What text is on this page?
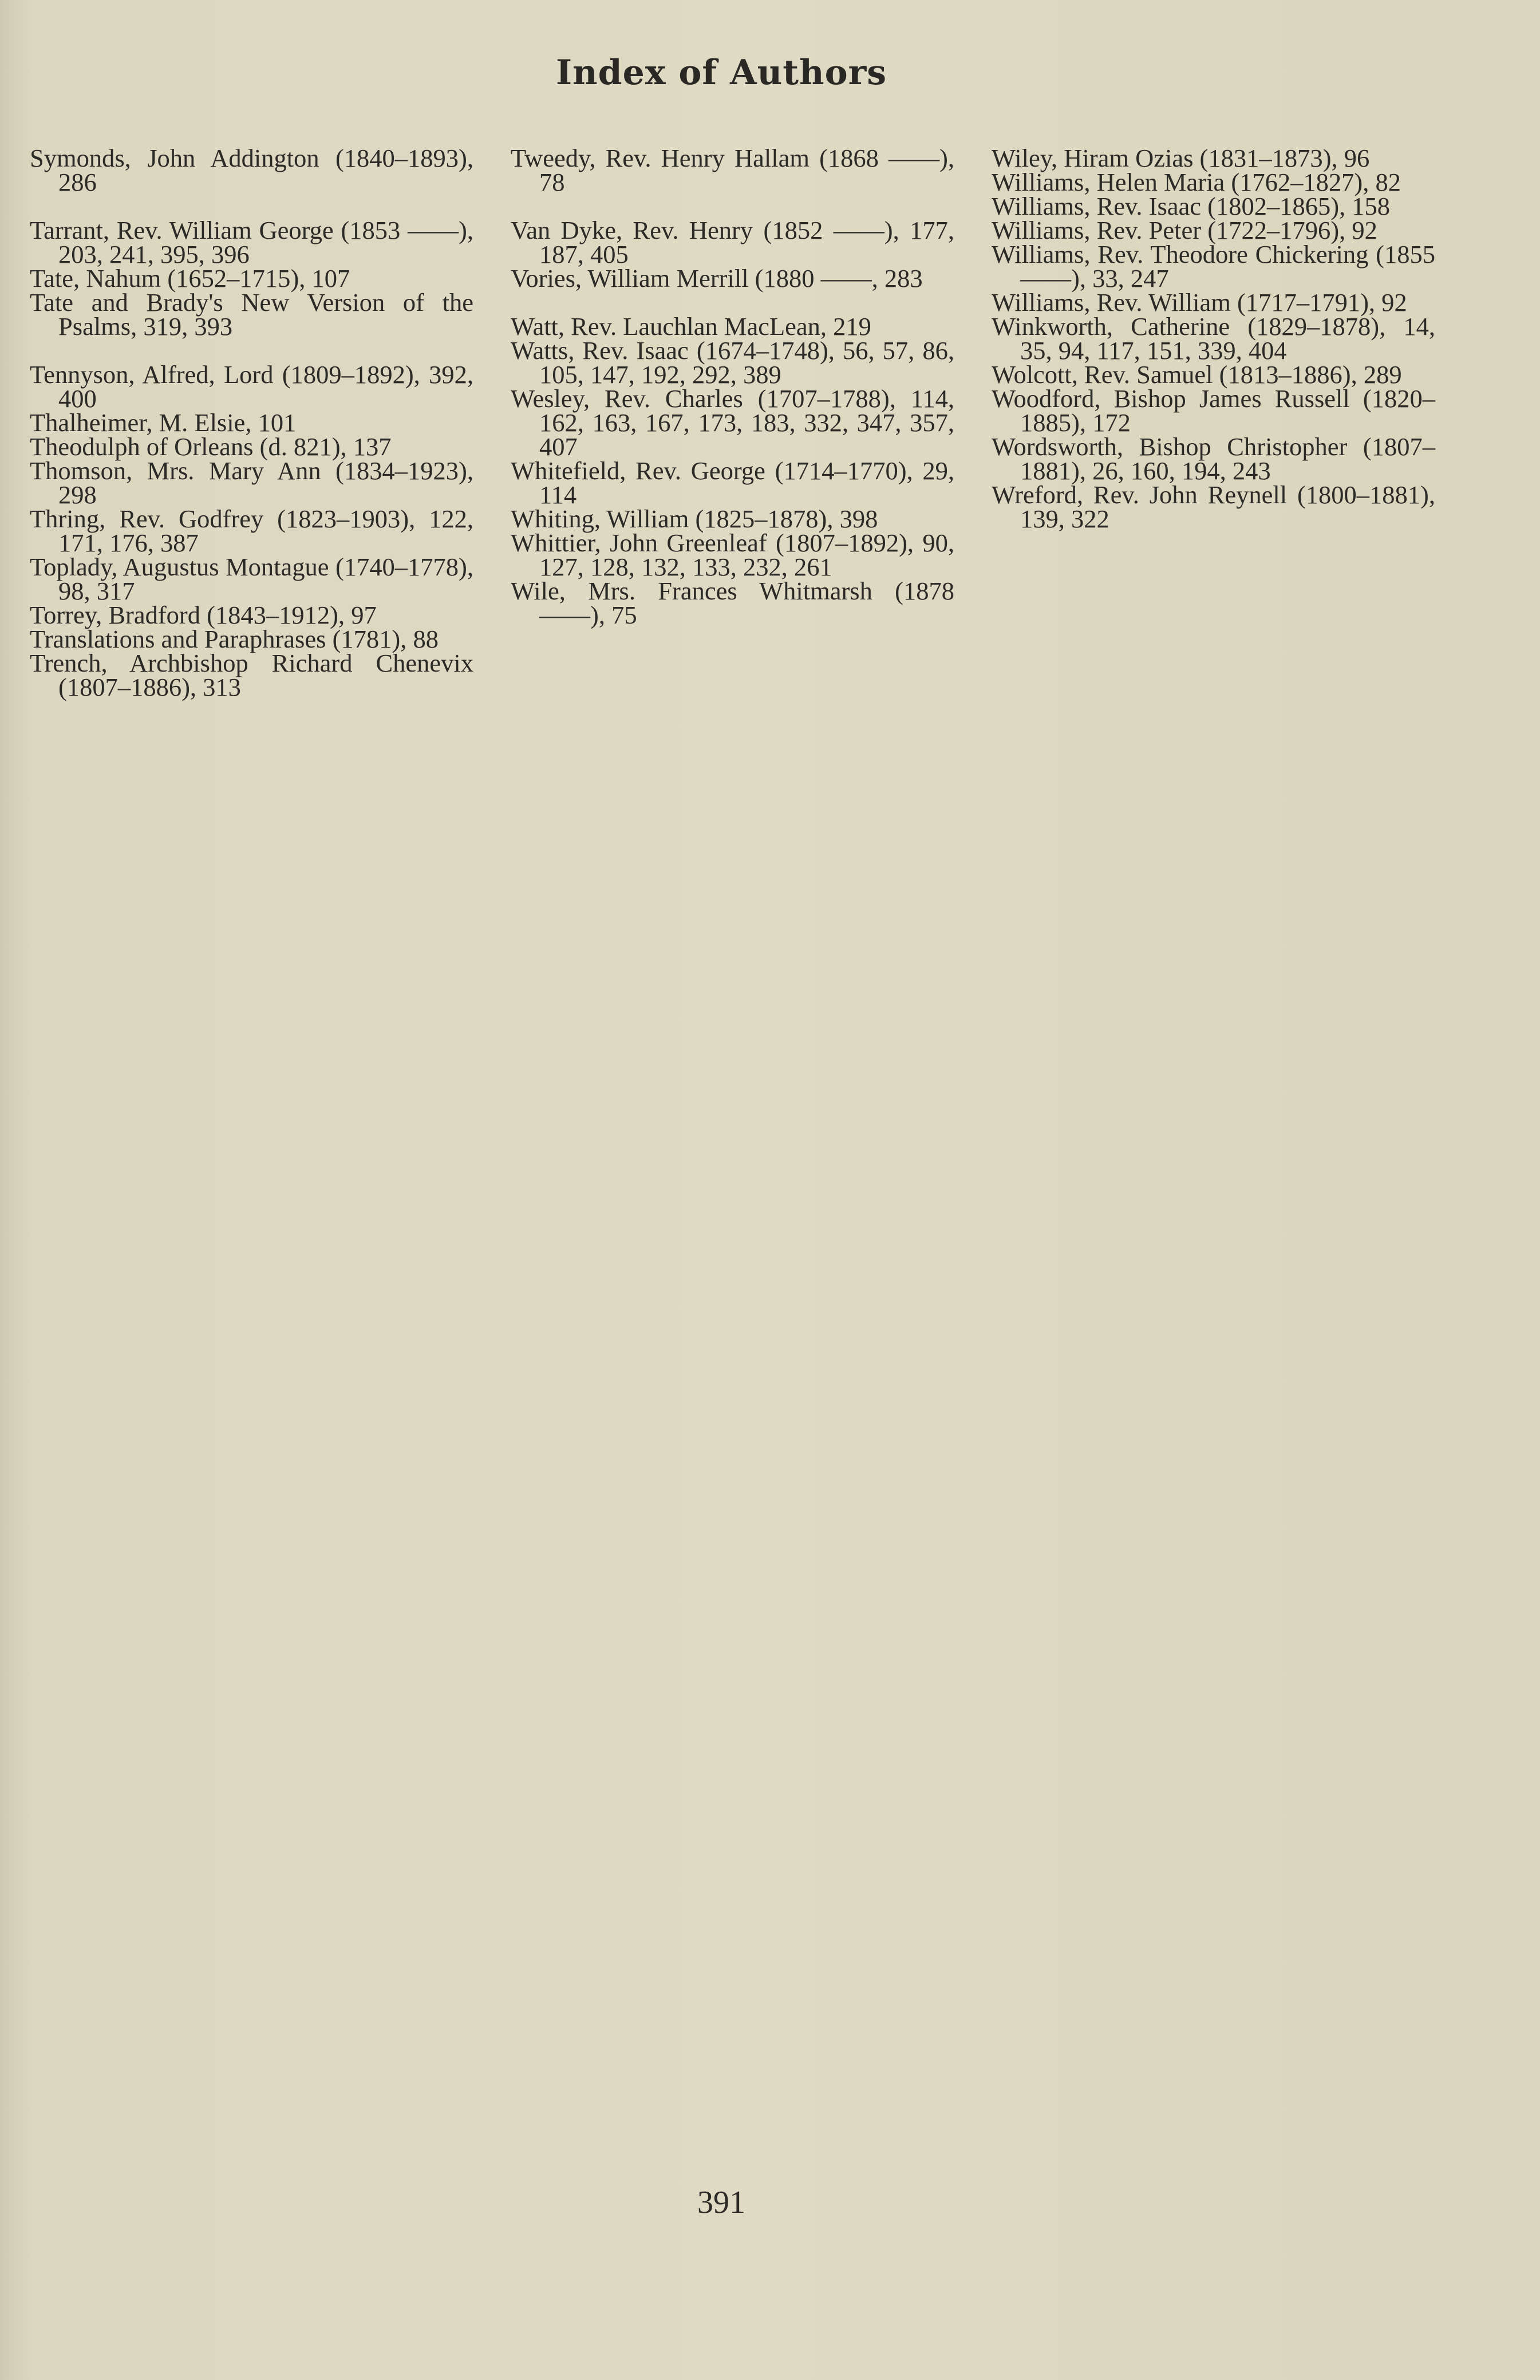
Index of Authors

Symonds, John Addington (1840–1893), 286

Tarrant, Rev. William George (1853 ——), 203, 241, 395, 396

Tate, Nahum (1652–1715), 107

Tate and Brady's New Version of the Psalms, 319, 393

Tennyson, Alfred, Lord (1809–1892), 392, 400

Thalheimer, M. Elsie, 101

Theodulph of Orleans (d. 821), 137

Thomson, Mrs. Mary Ann (1834–1923), 298

Thring, Rev. Godfrey (1823–1903), 122, 171, 176, 387

Toplady, Augustus Montague (1740–1778), 98, 317

Torrey, Bradford (1843–1912), 97

Translations and Paraphrases (1781), 88

Trench, Archbishop Richard Chenevix (1807–1886), 313

Tweedy, Rev. Henry Hallam (1868 ——), 78

Van Dyke, Rev. Henry (1852 ——), 177, 187, 405

Vories, William Merrill (1880 ——, 283

Watt, Rev. Lauchlan MacLean, 219

Watts, Rev. Isaac (1674–1748), 56, 57, 86, 105, 147, 192, 292, 389

Wesley, Rev. Charles (1707–1788), 114, 162, 163, 167, 173, 183, 332, 347, 357, 407

Whitefield, Rev. George (1714–1770), 29, 114

Whiting, William (1825–1878), 398

Whittier, John Greenleaf (1807–1892), 90, 127, 128, 132, 133, 232, 261

Wile, Mrs. Frances Whitmarsh (1878 ——), 75

Wiley, Hiram Ozias (1831–1873), 96

Williams, Helen Maria (1762–1827), 82

Williams, Rev. Isaac (1802–1865), 158

Williams, Rev. Peter (1722–1796), 92

Williams, Rev. Theodore Chickering (1855 ——), 33, 247

Williams, Rev. William (1717–1791), 92

Winkworth, Catherine (1829–1878), 14, 35, 94, 117, 151, 339, 404

Wolcott, Rev. Samuel (1813–1886), 289

Woodford, Bishop James Russell (1820–1885), 172

Wordsworth, Bishop Christopher (1807–1881), 26, 160, 194, 243

Wreford, Rev. John Reynell (1800–1881), 139, 322

391
